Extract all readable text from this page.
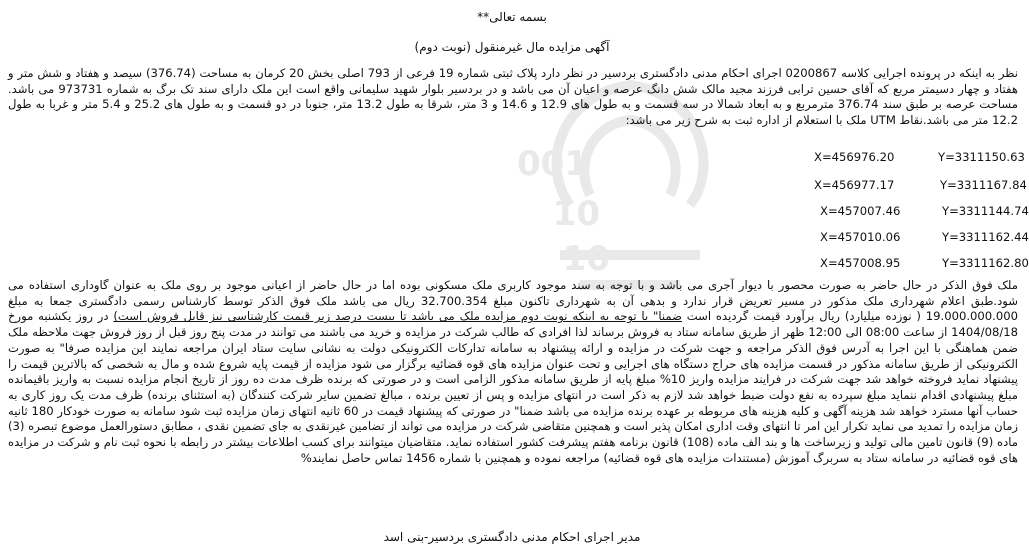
001
10
10
بسمه تعالی**
آگهی مزایده مال غیرمنقول (نوبت دوم)
نظر به اینکه در پرونده اجرایی کلاسه 0200867 اجرای احکام مدنی دادگستری بردسیر در نظر دارد پلاک ثبتی شماره 19 فرعی از 793 اصلی بخش 20 کرمان به مساحت (376.74) سیصد و هفتاد و شش متر و هفتاد و چهار دسیمتر مربع که آقای حسین ترابی فرزند مجید مالک شش دانگ عرصه و اعیان آن می باشد و در بردسیر بلوار شهید سلیمانی واقع است این ملک دارای سند تک برگ به شماره 973731 می باشد. مساحت عرصه بر طبق سند 376.74 مترمربع و به ابعاد شمالا در سه قسمت و به طول های 12.9 و 14.6 و 3 متر، شرقا به طول 13.2 متر، جنوبا در دو قسمت و به طول های 25.2 و 5.4 متر و غربا به طول 12.2 متر می باشد.نقاط UTM ملک با استعلام از اداره ثبت به شرح زیر می باشد:
X=456976.20	Y=3311150.63
X=456977.17	Y=3311167.84
X=457007.46	Y=3311144.74
X=457010.06	Y=3311162.44
X=457008.95	Y=3311162.80
ملک فوق الذکر در حال حاضر به صورت محصور با دیوار آجری می باشد و با توجه به سند موجود کاربری ملک مسکونی بوده اما در حال حاضر از اعیانی موجود بر روی ملک به عنوان گاوداری استفاده می شود.طبق اعلام شهرداری ملک مذکور در مسیر تعریض قرار ندارد و بدهی آن به شهرداری تاکنون مبلغ 32.700.354 ریال می باشد ملک فوق الذکر توسط کارشناس رسمی دادگستری جمعا به مبلغ 19.000.000.000 ( نوزده میلیارد) ریال برآورد قیمت گردیده است ضمنا" با توجه به اینکه نوبت دوم مزایده ملک می باشد تا بیست درصد زیر قیمت کارشناسی نیز قابل فروش است) در روز یکشنبه مورخ 1404/08/18 از ساعت 08:00 الی 12:00 ظهر از طریق سامانه ستاد به فروش برساند لذا افرادی که طالب شرکت در مزایده و خرید می باشند می توانند در مدت پنج روز قبل از روز فروش جهت ملاحظه ملک ضمن هماهنگی با این اجرا به آدرس فوق الذکر مراجعه و جهت شرکت در مزایده و ارائه پیشنهاد به سامانه تدارکات الکترونیکی دولت به نشانی سایت ستاد ایران مراجعه نمایند این مزایده صرفا" به صورت الکترونیکی از طریق سامانه مذکور در قسمت مزایده های حراج دستگاه های اجرایی و تحت عنوان مزایده های قوه قضائیه برگزار می شود مزایده از قیمت پایه شروع شده و مال به شخصی که بالاترین قیمت را پیشنهاد نماید فروخته خواهد شد جهت شرکت در فرایند مزایده واریز 10% مبلغ پایه از طریق سامانه مذکور الزامی است و در صورتی که برنده ظرف مدت ده روز از تاریخ انجام مزایده نسبت به واریز باقیمانده مبلغ پیشنهادی اقدام ننماید مبلغ سپرده به نفع دولت ضبط خواهد شد لازم به ذکر است در انتهای مزایده و پس از تعیین برنده ، مبالغ تضمین سایر شرکت کنندگان (به استثنای برنده) ظرف مدت یک روز کاری به حساب آنها مسترد خواهد شد هزینه آگهی و کلیه هزینه های مربوطه بر عهده برنده مزایده می باشد ضمنا" در صورتی که پیشنهاد قیمت در 60 ثانیه انتهای زمان مزایده ثبت شود سامانه به صورت خودکار 180 ثانیه زمان مزایده را تمدید می نماید تکرار این امر تا انتهای وقت اداری امکان پذیر است و همچنین متقاضی شرکت در مزایده می تواند از تضامین غیرنقدی به جای تضمین نقدی ، مطابق دستورالعمل موضوع تبصره (3) ماده (9) قانون تامین مالی تولید و زیرساخت ها و بند الف ماده (108) قانون برنامه هفتم پیشرفت کشور استفاده نماید. متقاضیان میتوانند برای کسب اطلاعات بیشتر در رابطه با نحوه ثبت نام و شرکت در مزایده های قوه قضائیه در سامانه ستاد به سربرگ آموزش (مستندات مزایده های قوه قضائیه) مراجعه نموده و همچنین با شماره 1456 تماس حاصل نمایند%
مدیر اجرای احکام مدنی دادگستری بردسیر-بنی اسد
